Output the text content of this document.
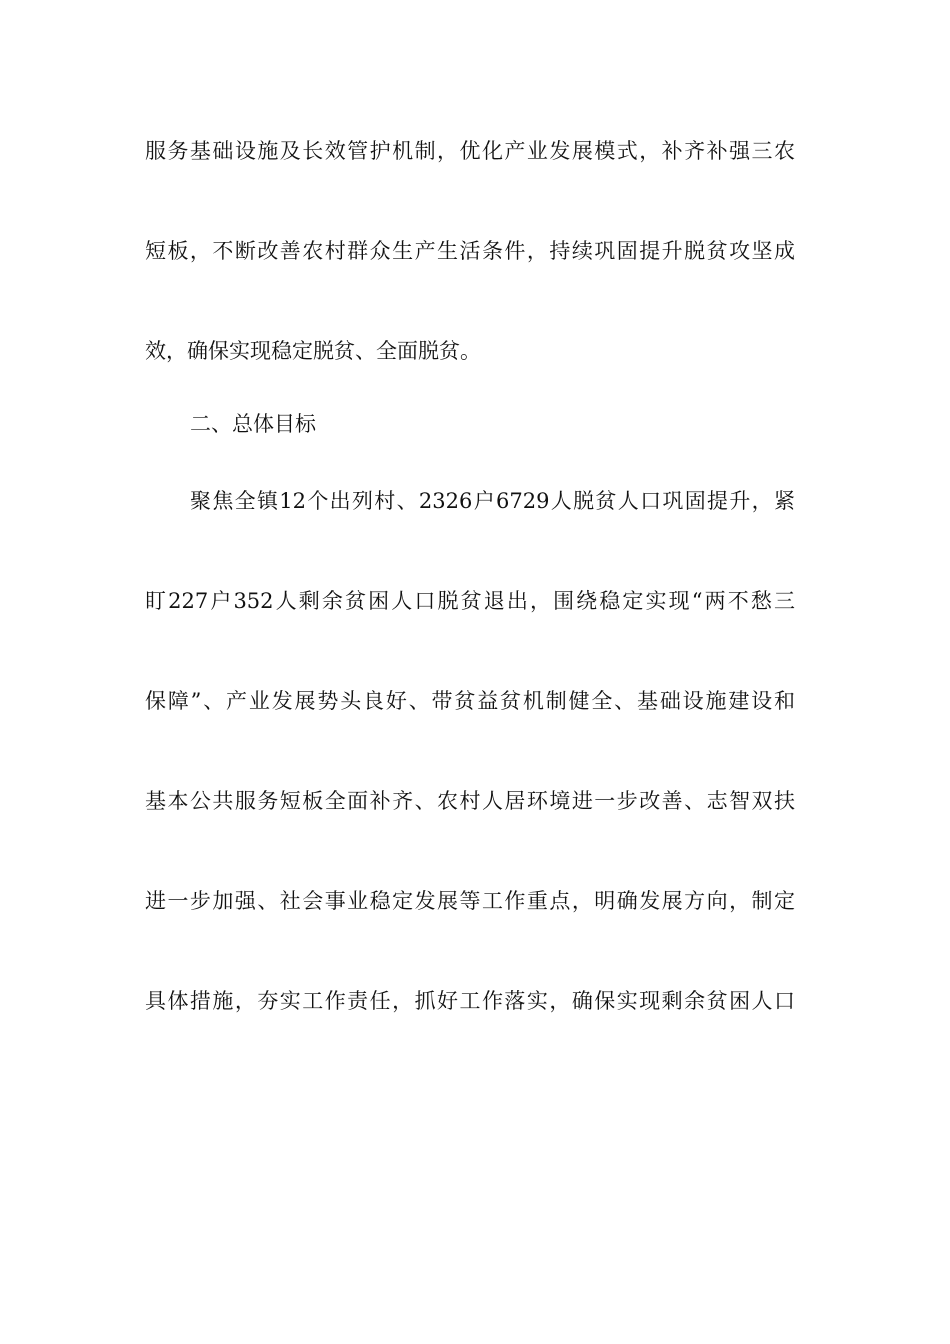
服务基础设施及长效管护机制，优化产业发展模式，补齐补强三农
短板，不断改善农村群众生产生活条件，持续巩固提升脱贫攻坚成
效，确保实现稳定脱贫、全面脱贫。
二、总体目标
聚焦全镇12个出列村、2326户6729人脱贫人口巩固提升，紧
盯227户352人剩余贫困人口脱贫退出，围绕稳定实现“两不愁三
保障”、产业发展势头良好、带贫益贫机制健全、基础设施建设和
基本公共服务短板全面补齐、农村人居环境进一步改善、志智双扶
进一步加强、社会事业稳定发展等工作重点，明确发展方向，制定
具体措施，夯实工作责任，抓好工作落实，确保实现剩余贫困人口
